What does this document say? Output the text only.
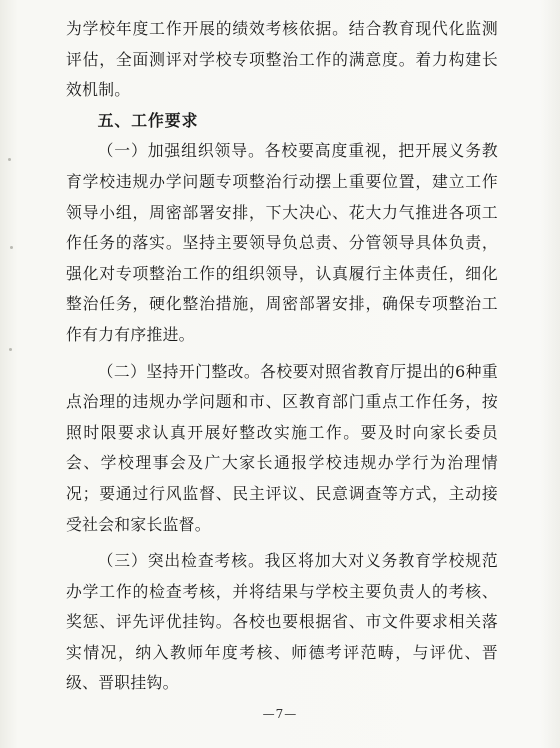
为学校年度工作开展的绩效考核依据。结合教育现代化监测评估，全面测评对学校专项整治工作的满意度。着力构建长效机制。

五、工作要求

（一）加强组织领导。各校要高度重视，把开展义务教育学校违规办学问题专项整治行动摆上重要位置，建立工作领导小组，周密部署安排，下大决心、花大力气推进各项工作任务的落实。坚持主要领导负总责、分管领导具体负责，强化对专项整治工作的组织领导，认真履行主体责任，细化整治任务，硬化整治措施，周密部署安排，确保专项整治工作有力有序推进。

（二）坚持开门整改。各校要对照省教育厅提出的6种重点治理的违规办学问题和市、区教育部门重点工作任务，按照时限要求认真开展好整改实施工作。要及时向家长委员会、学校理事会及广大家长通报学校违规办学行为治理情况；要通过行风监督、民主评议、民意调查等方式，主动接受社会和家长监督。

（三）突出检查考核。我区将加大对义务教育学校规范办学工作的检查考核，并将结果与学校主要负责人的考核、奖惩、评先评优挂钩。各校也要根据省、市文件要求相关落实情况，纳入教师年度考核、师德考评范畴，与评优、晋级、晋职挂钩。

—7—
